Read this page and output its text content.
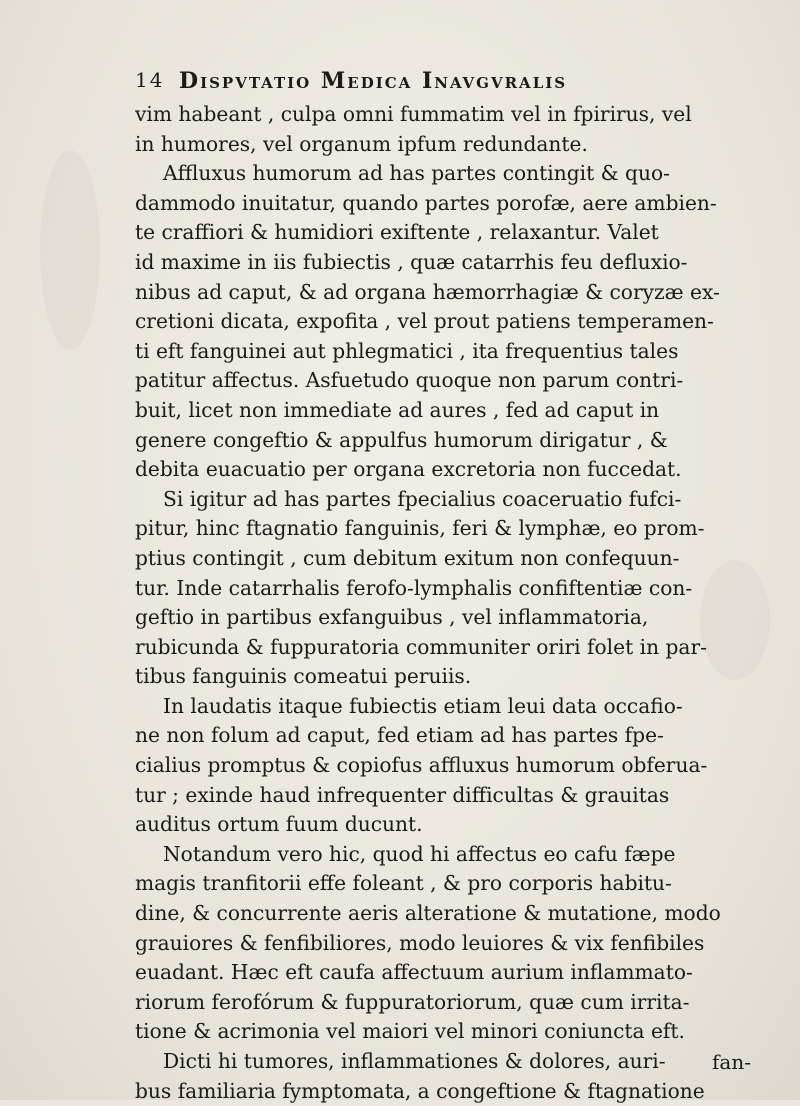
14 Dispvtatio Medica Inavgvralis
vim habeant , culpa omni fummatim vel in fpirirus, vel
in humores, vel organum ipfum redundante.
Affluxus humorum ad has partes contingit & quo-
dammodo inuitatur, quando partes porofæ, aere ambien-
te craffiori & humidiori exiftente , relaxantur. Valet
id maxime in iis fubiectis , quæ catarrhis feu defluxio-
nibus ad caput, & ad organa hæmorrhagiæ & coryzæ ex-
cretioni dicata, expofita , vel prout patiens temperamen-
ti eft fanguinei aut phlegmatici , ita frequentius tales
patitur affectus. Asfuetudo quoque non parum contri-
buit, licet non immediate ad aures , fed ad caput in
genere congeftio & appulfus humorum dirigatur , &
debita euacuatio per organa excretoria non fuccedat.
Si igitur ad has partes fpecialius coaceruatio fufci-
pitur, hinc ftagnatio fanguinis, feri & lymphæ, eo prom-
ptius contingit , cum debitum exitum non confequun-
tur. Inde catarrhalis ferofo-lymphalis confiftentiæ con-
geftio in partibus exfanguibus , vel inflammatoria,
rubicunda & fuppuratoria communiter oriri folet in par-
tibus fanguinis comeatui peruiis.
In laudatis itaque fubiectis etiam leui data occafio-
ne non folum ad caput, fed etiam ad has partes fpe-
cialius promptus & copiofus affluxus humorum obferua-
tur ; exinde haud infrequenter difficultas & grauitas
auditus ortum fuum ducunt.
Notandum vero hic, quod hi affectus eo cafu fæpe
magis tranfitorii effe foleant , & pro corporis habitu-
dine, & concurrente aeris alteratione & mutatione, modo
grauiores & fenfibiliores, modo leuiores & vix fenfibiles
euadant. Hæc eft caufa affectuum aurium inflammato-
riorum ferofórum & fuppuratoriorum, quæ cum irrita-
tione & acrimonia vel maiori vel minori coniuncta eft.
Dicti hi tumores, inflammationes & dolores, auri-
bus familiaria fymptomata, a congeftione & ftagnatione
fan-
